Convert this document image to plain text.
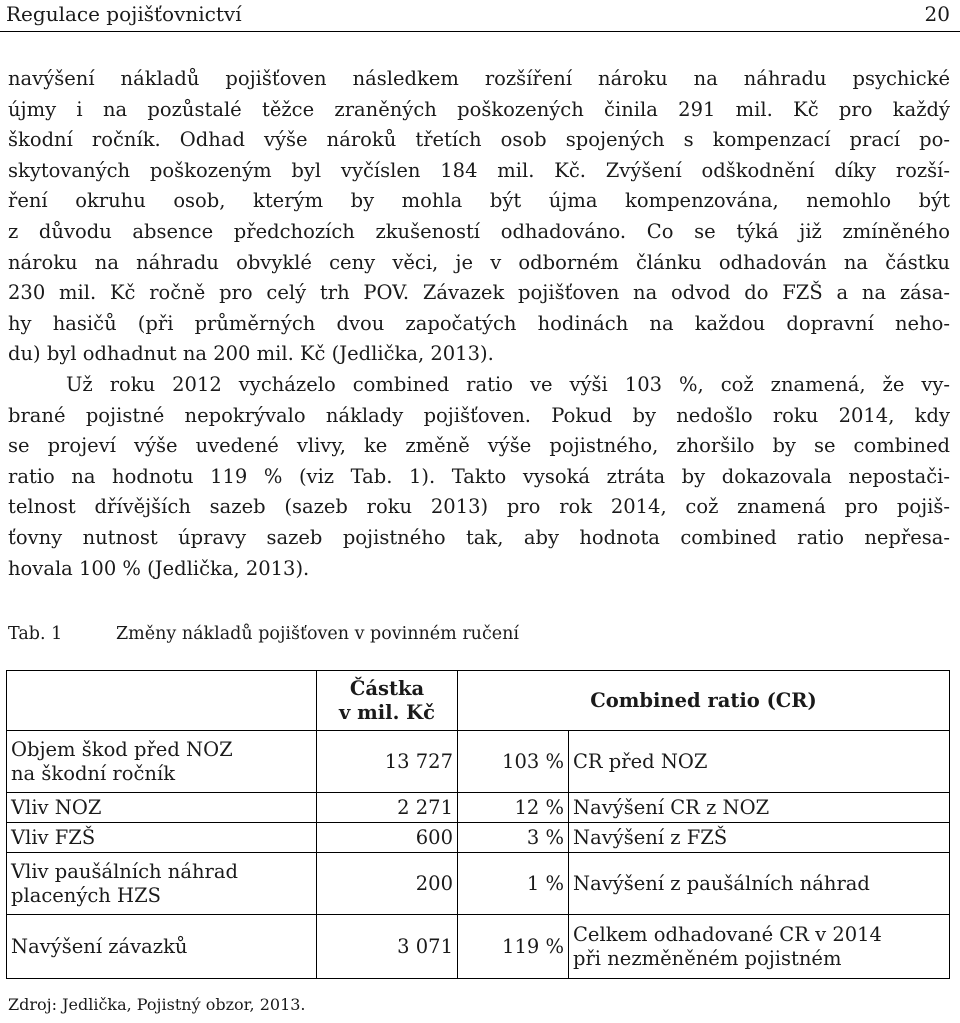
Regulace pojišťovnictví	20
navýšení nákladů pojišťoven následkem rozšíření nároku na náhradu psychické
újmy i na pozůstalé těžce zraněných poškozených činila 291 mil. Kč pro každý
škodní ročník. Odhad výše nároků třetích osob spojených s kompenzací prací po-
skytovaných poškozeným byl vyčíslen 184 mil. Kč. Zvýšení odškodnění díky rozší-
ření okruhu osob, kterým by mohla být újma kompenzována, nemohlo být
z důvodu absence předchozích zkušeností odhadováno. Co se týká již zmíněného
nároku na náhradu obvyklé ceny věci, je v odborném článku odhadován na částku
230 mil. Kč ročně pro celý trh POV. Závazek pojišťoven na odvod do FZŠ a na zása-
hy hasičů (při průměrných dvou započatých hodinách na každou dopravní neho-
du) byl odhadnut na 200 mil. Kč (Jedlička, 2013).
Už roku 2012 vycházelo combined ratio ve výši 103 %, což znamená, že vy-
brané pojistné nepokrývalo náklady pojišťoven. Pokud by nedošlo roku 2014, kdy
se projeví výše uvedené vlivy, ke změně výše pojistného, zhoršilo by se combined
ratio na hodnotu 119 % (viz Tab. 1). Takto vysoká ztráta by dokazovala nepostači-
telnost dřívějších sazeb (sazeb roku 2013) pro rok 2014, což znamená pro pojiš-
ťovny nutnost úpravy sazeb pojistného tak, aby hodnota combined ratio nepřesa-
hovala 100 % (Jedlička, 2013).
Tab. 1	Změny nákladů pojišťoven v povinném ručení

	Částka
v mil. Kč	Combined ratio (CR)	

Objem škod před NOZ
na škodní ročník	13 727	103 %	CR před NOZ

Vliv NOZ	2 271	12 %	Navýšení CR z NOZ

Vliv FZŠ	600	3 %	Navýšení z FZŠ

Vliv paušálních náhrad
placených HZS	200	1 %	Navýšení z paušálních náhrad

Navýšení závazků	3 071	119 %	Celkem odhadované CR v 2014
při nezměněném pojistném
Zdroj: Jedlička, Pojistný obzor, 2013.
